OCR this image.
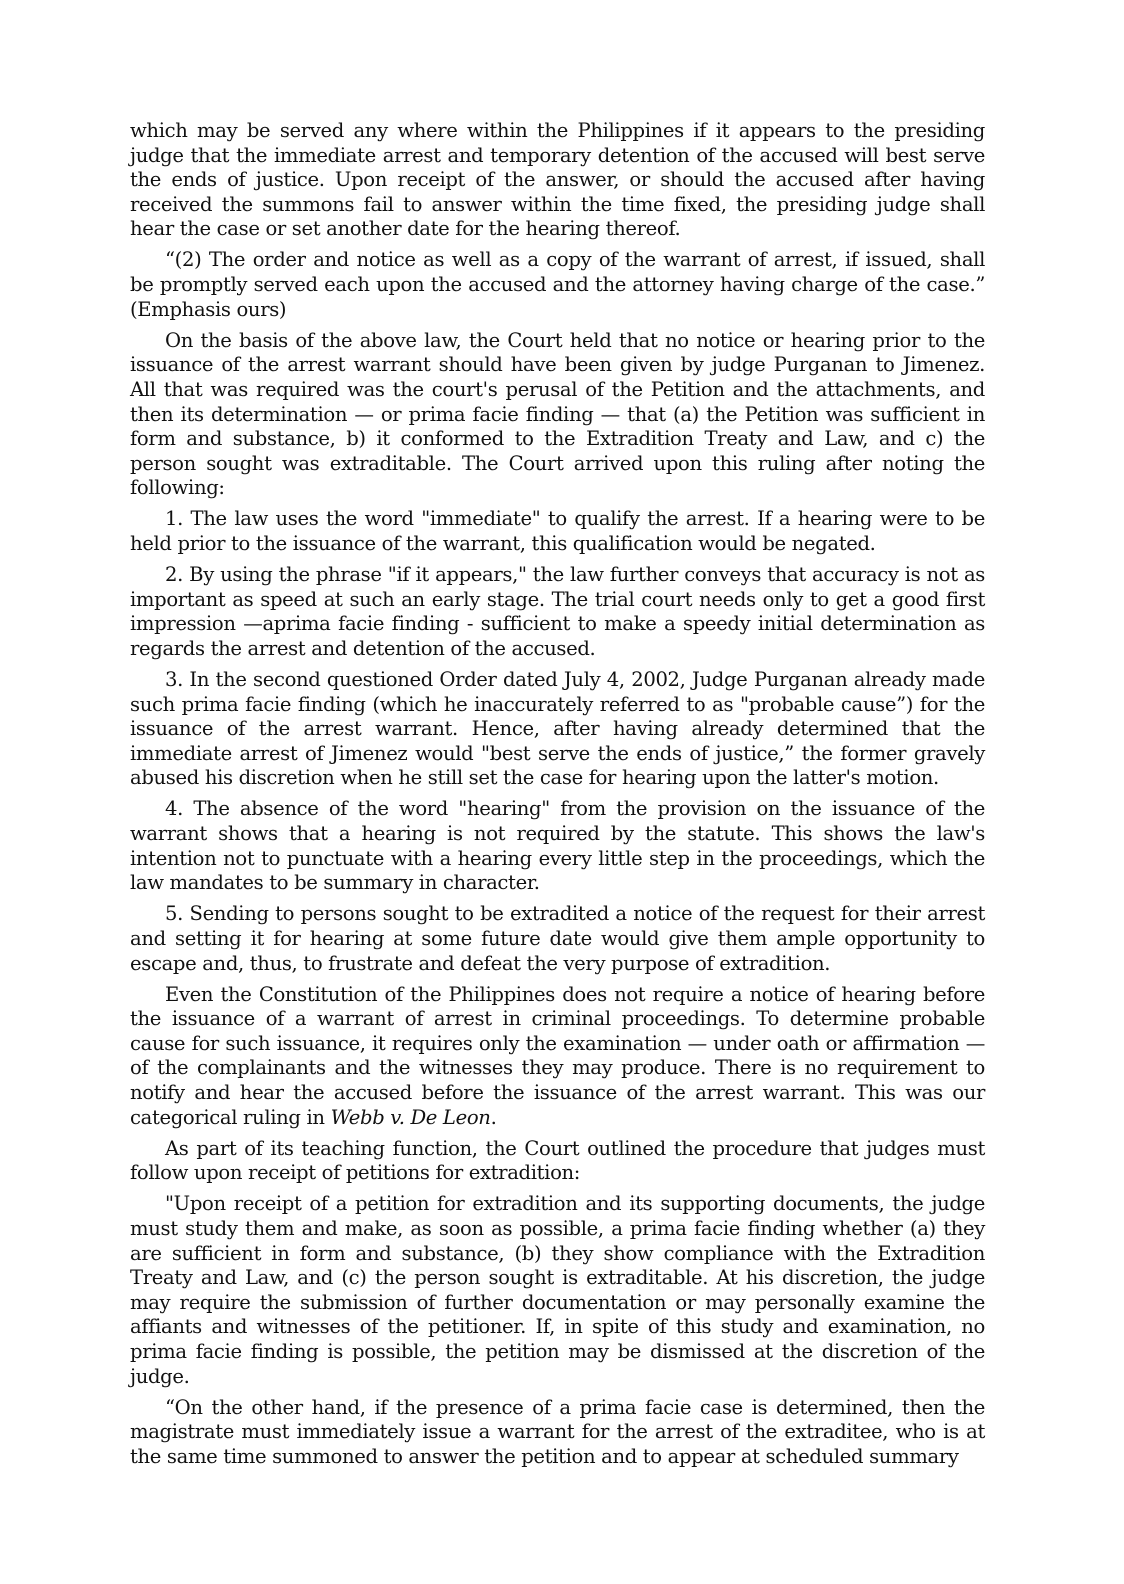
which may be served any where within the Philippines if it appears to the presiding judge that the immediate arrest and temporary detention of the accused will best serve the ends of justice. Upon receipt of the answer, or should the accused after having received the summons fail to answer within the time fixed, the presiding judge shall hear the case or set another date for the hearing thereof.

“(2) The order and notice as well as a copy of the warrant of arrest, if issued, shall be promptly served each upon the accused and the attorney having charge of the case.” (Emphasis ours)

On the basis of the above law, the Court held that no notice or hearing prior to the issuance of the arrest warrant should have been given by judge Purganan to Jimenez. All that was required was the court's perusal of the Petition and the attachments, and then its determination — or prima facie finding — that (a) the Petition was sufficient in form and substance, b) it conformed to the Extradition Treaty and Law, and c) the person sought was extraditable. The Court arrived upon this ruling after noting the following:

1. The law uses the word "immediate" to qualify the arrest. If a hearing were to be held prior to the issuance of the warrant, this qualification would be negated.

2. By using the phrase "if it appears," the law further conveys that accuracy is not as important as speed at such an early stage. The trial court needs only to get a good first impression —aprima facie finding - sufficient to make a speedy initial determination as regards the arrest and detention of the accused.

3. In the second questioned Order dated July 4, 2002, Judge Purganan already made such prima facie finding (which he inaccurately referred to as "probable cause”) for the issuance of the arrest warrant. Hence, after having already determined that the immediate arrest of Jimenez would "best serve the ends of justice,” the former gravely abused his discretion when he still set the case for hearing upon the latter's motion.

4. The absence of the word "hearing" from the provision on the issuance of the warrant shows that a hearing is not required by the statute. This shows the law's intention not to punctuate with a hearing every little step in the proceedings, which the law mandates to be summary in character.

5. Sending to persons sought to be extradited a notice of the request for their arrest and setting it for hearing at some future date would give them ample opportunity to escape and, thus, to frustrate and defeat the very purpose of extradition.

Even the Constitution of the Philippines does not require a notice of hearing before the issuance of a warrant of arrest in criminal proceedings. To determine probable cause for such issuance, it requires only the examination — under oath or affirmation —of the complainants and the witnesses they may produce. There is no requirement to notify and hear the accused before the issuance of the arrest warrant. This was our categorical ruling in Webb v. De Leon.

As part of its teaching function, the Court outlined the procedure that judges must follow upon receipt of petitions for extradition:

"Upon receipt of a petition for extradition and its supporting documents, the judge must study them and make, as soon as possible, a prima facie finding whether (a) they are sufficient in form and substance, (b) they show compliance with the Extradition Treaty and Law, and (c) the person sought is extraditable. At his discretion, the judge may require the submission of further documentation or may personally examine the affiants and witnesses of the petitioner. If, in spite of this study and examination, no prima facie finding is possible, the petition may be dismissed at the discretion of the judge.

“On the other hand, if the presence of a prima facie case is determined, then the magistrate must immediately issue a warrant for the arrest of the extraditee, who is at the same time summoned to answer the petition and to appear at scheduled summary
